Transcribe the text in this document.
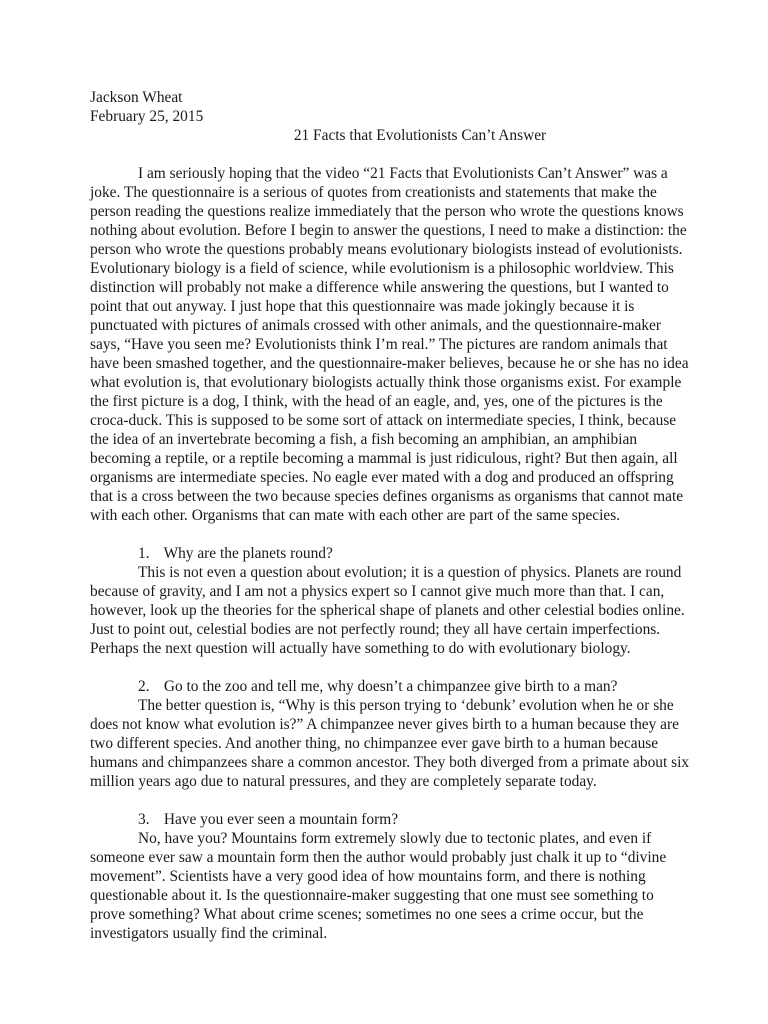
Jackson Wheat

February 25, 2015

21 Facts that Evolutionists Can’t Answer

I am seriously hoping that the video “21 Facts that Evolutionists Can’t Answer” was a joke. The questionnaire is a serious of quotes from creationists and statements that make the person reading the questions realize immediately that the person who wrote the questions knows nothing about evolution. Before I begin to answer the questions, I need to make a distinction: the person who wrote the questions probably means evolutionary biologists instead of evolutionists. Evolutionary biology is a field of science, while evolutionism is a philosophic worldview. This distinction will probably not make a difference while answering the questions, but I wanted to point that out anyway. I just hope that this questionnaire was made jokingly because it is punctuated with pictures of animals crossed with other animals, and the questionnaire-maker says, “Have you seen me? Evolutionists think I’m real.” The pictures are random animals that have been smashed together, and the questionnaire-maker believes, because he or she has no idea what evolution is, that evolutionary biologists actually think those organisms exist. For example the first picture is a dog, I think, with the head of an eagle, and, yes, one of the pictures is the croca-duck. This is supposed to be some sort of attack on intermediate species, I think, because the idea of an invertebrate becoming a fish, a fish becoming an amphibian, an amphibian becoming a reptile, or a reptile becoming a mammal is just ridiculous, right? But then again, all organisms are intermediate species. No eagle ever mated with a dog and produced an offspring that is a cross between the two because species defines organisms as organisms that cannot mate with each other. Organisms that can mate with each other are part of the same species.

1. Why are the planets round?

This is not even a question about evolution; it is a question of physics. Planets are round because of gravity, and I am not a physics expert so I cannot give much more than that. I can, however, look up the theories for the spherical shape of planets and other celestial bodies online. Just to point out, celestial bodies are not perfectly round; they all have certain imperfections. Perhaps the next question will actually have something to do with evolutionary biology.

2. Go to the zoo and tell me, why doesn’t a chimpanzee give birth to a man?

The better question is, “Why is this person trying to ‘debunk’ evolution when he or she does not know what evolution is?” A chimpanzee never gives birth to a human because they are two different species. And another thing, no chimpanzee ever gave birth to a human because humans and chimpanzees share a common ancestor. They both diverged from a primate about six million years ago due to natural pressures, and they are completely separate today.

3. Have you ever seen a mountain form?

No, have you? Mountains form extremely slowly due to tectonic plates, and even if someone ever saw a mountain form then the author would probably just chalk it up to “divine movement”. Scientists have a very good idea of how mountains form, and there is nothing questionable about it. Is the questionnaire-maker suggesting that one must see something to prove something? What about crime scenes; sometimes no one sees a crime occur, but the investigators usually find the criminal.
